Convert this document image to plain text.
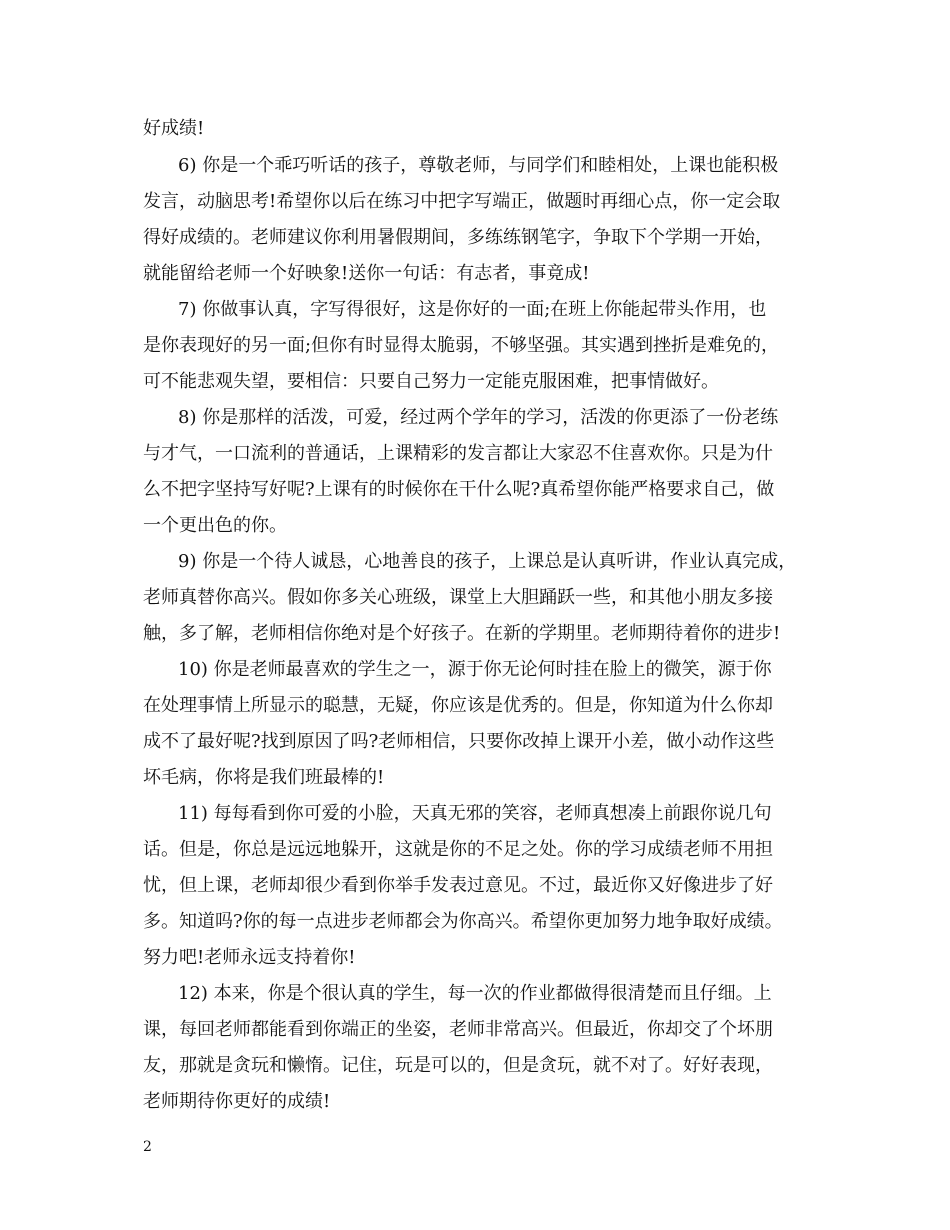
好成绩!
6) 你是一个乖巧听话的孩子，尊敬老师，与同学们和睦相处，上课也能积极
发言，动脑思考!希望你以后在练习中把字写端正，做题时再细心点，你一定会取
得好成绩的。老师建议你利用暑假期间，多练练钢笔字，争取下个学期一开始，
就能留给老师一个好映象!送你一句话：有志者，事竟成!
7) 你做事认真，字写得很好，这是你好的一面;在班上你能起带头作用，也
是你表现好的另一面;但你有时显得太脆弱，不够坚强。其实遇到挫折是难免的，
可不能悲观失望，要相信：只要自己努力一定能克服困难，把事情做好。
8) 你是那样的活泼，可爱，经过两个学年的学习，活泼的你更添了一份老练
与才气，一口流利的普通话，上课精彩的发言都让大家忍不住喜欢你。只是为什
么不把字坚持写好呢?上课有的时候你在干什么呢?真希望你能严格要求自己，做
一个更出色的你。
9) 你是一个待人诚恳，心地善良的孩子，上课总是认真听讲，作业认真完成，
老师真替你高兴。假如你多关心班级，课堂上大胆踊跃一些，和其他小朋友多接
触，多了解，老师相信你绝对是个好孩子。在新的学期里。老师期待着你的进步!
10) 你是老师最喜欢的学生之一，源于你无论何时挂在脸上的微笑，源于你
在处理事情上所显示的聪慧，无疑，你应该是优秀的。但是，你知道为什么你却
成不了最好呢?找到原因了吗?老师相信，只要你改掉上课开小差，做小动作这些
坏毛病，你将是我们班最棒的!
11) 每每看到你可爱的小脸，天真无邪的笑容，老师真想凑上前跟你说几句
话。但是，你总是远远地躲开，这就是你的不足之处。你的学习成绩老师不用担
忧，但上课，老师却很少看到你举手发表过意见。不过，最近你又好像进步了好
多。知道吗?你的每一点进步老师都会为你高兴。希望你更加努力地争取好成绩。
努力吧!老师永远支持着你!
12) 本来，你是个很认真的学生，每一次的作业都做得很清楚而且仔细。上
课，每回老师都能看到你端正的坐姿，老师非常高兴。但最近，你却交了个坏朋
友，那就是贪玩和懒惰。记住，玩是可以的，但是贪玩，就不对了。好好表现，
老师期待你更好的成绩!
2
